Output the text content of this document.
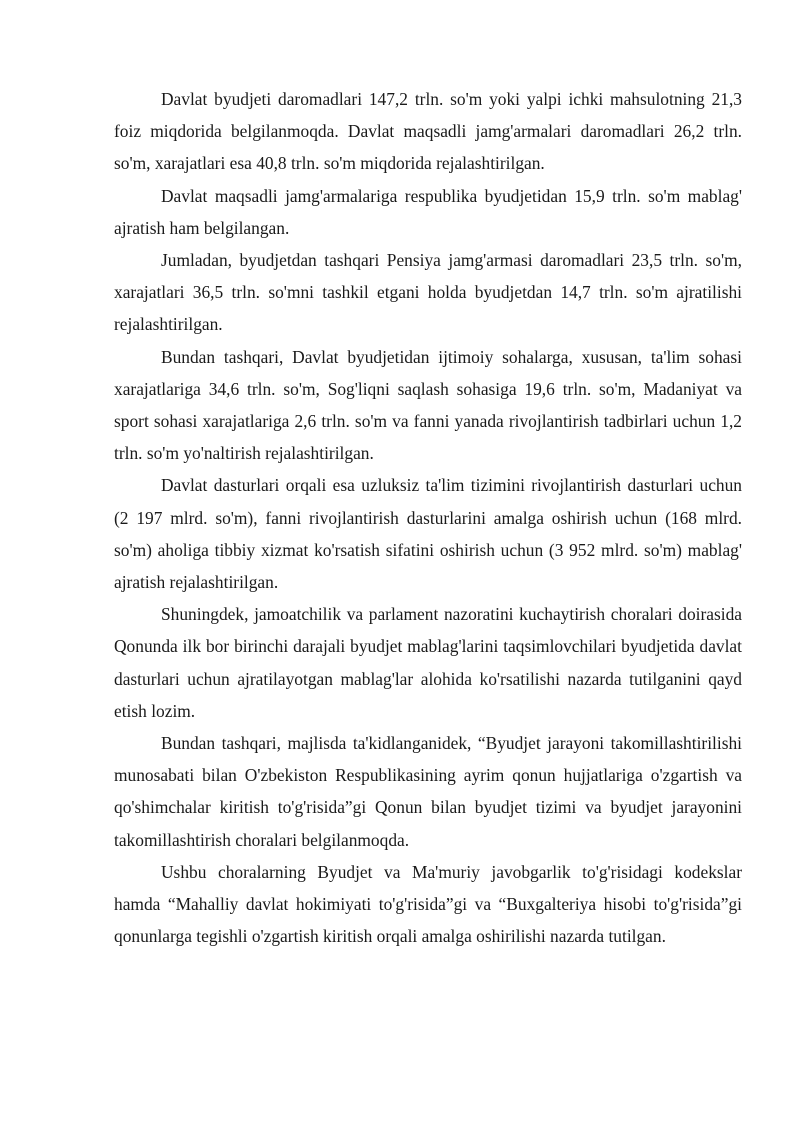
Davlat byudjeti daromadlari 147,2 trln. so'm yoki yalpi ichki mahsulotning 21,3 foiz miqdorida belgilanmoqda. Davlat maqsadli jamg'armalari daromadlari 26,2 trln. so'm, xarajatlari esa 40,8 trln. so'm miqdorida rejalashtirilgan.

Davlat maqsadli jamg'armalariga respublika byudjetidan 15,9 trln. so'm mablag' ajratish ham belgilangan.

Jumladan, byudjetdan tashqari Pensiya jamg'armasi daromadlari 23,5 trln. so'm, xarajatlari 36,5 trln. so'mni tashkil etgani holda byudjetdan 14,7 trln. so'm ajratilishi rejalashtirilgan.

Bundan tashqari, Davlat byudjetidan ijtimoiy sohalarga, xususan, ta'lim sohasi xarajatlariga 34,6 trln. so'm, Sog'liqni saqlash sohasiga 19,6 trln. so'm, Madaniyat va sport sohasi xarajatlariga 2,6 trln. so'm va fanni yanada rivojlantirish tadbirlari uchun 1,2 trln. so'm yo'naltirish rejalashtirilgan.

Davlat dasturlari orqali esa uzluksiz ta'lim tizimini rivojlantirish dasturlari uchun (2 197 mlrd. so'm), fanni rivojlantirish dasturlarini amalga oshirish uchun (168 mlrd. so'm) aholiga tibbiy xizmat ko'rsatish sifatini oshirish uchun (3 952 mlrd. so'm) mablag' ajratish rejalashtirilgan.

Shuningdek, jamoatchilik va parlament nazoratini kuchaytirish choralari doirasida Qonunda ilk bor birinchi darajali byudjet mablag'larini taqsimlovchilari byudjetida davlat dasturlari uchun ajratilayotgan mablag'lar alohida ko'rsatilishi nazarda tutilganini qayd etish lozim.

Bundan tashqari, majlisda ta'kidlanganidek, “Byudjet jarayoni takomillashtirilishi munosabati bilan O'zbekiston Respublikasining ayrim qonun hujjatlariga o'zgartish va qo'shimchalar kiritish to'g'risida”gi Qonun bilan byudjet tizimi va byudjet jarayonini takomillashtirish choralari belgilanmoqda.

Ushbu choralarning Byudjet va Ma'muriy javobgarlik to'g'risidagi kodekslar hamda “Mahalliy davlat hokimiyati to'g'risida”gi va “Buxgalteriya hisobi to'g'risida”gi qonunlarga tegishli o'zgartish kiritish orqali amalga oshirilishi nazarda tutilgan.
